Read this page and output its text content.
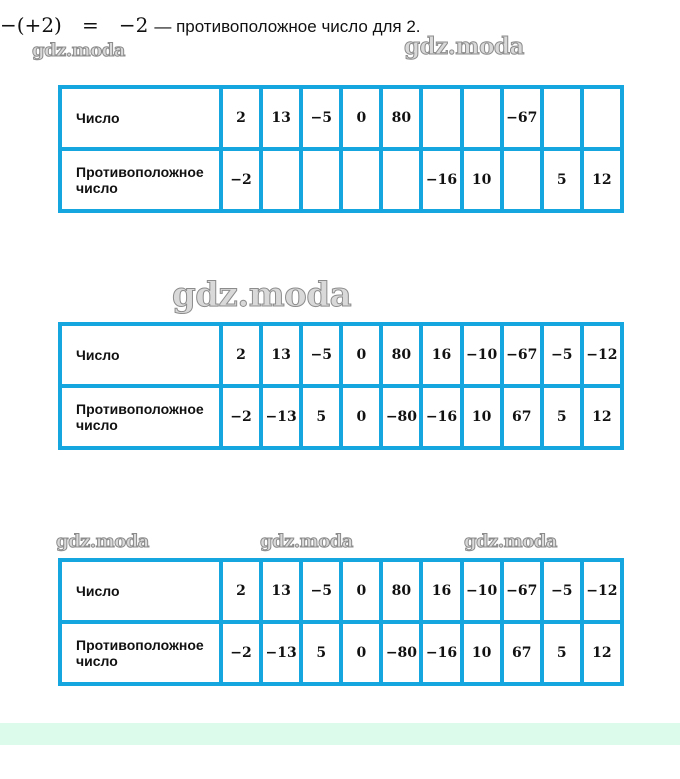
−(+2) = −2 — противоположное число для 2.
gdz.moda	gdz.moda
Число	2	13	−5	0	80			−67		
Противоположное число	−2					−16	10		5	12
gdz.moda
Число	2	13	−5	0	80	16	−10	−67	−5	−12
Противоположное число	−2	−13	5	0	−80	−16	10	67	5	12
gdz.moda	gdz.moda	gdz.moda
Число	2	13	−5	0	80	16	−10	−67	−5	−12
Противоположное число	−2	−13	5	0	−80	−16	10	67	5	12
